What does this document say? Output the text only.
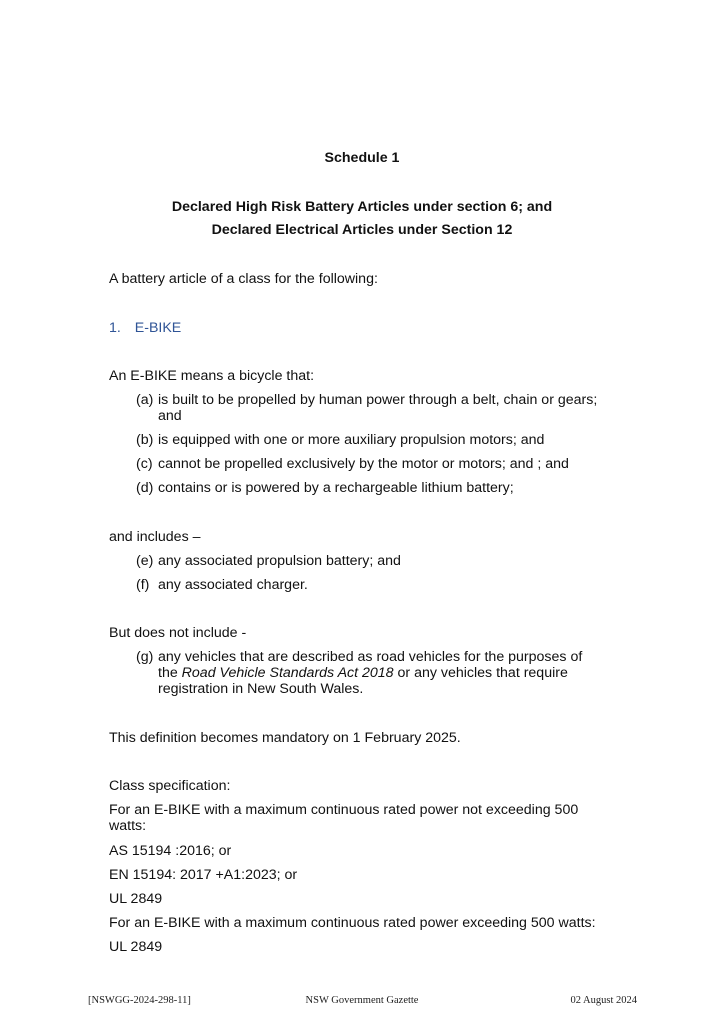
Schedule 1
Declared High Risk Battery Articles under section 6; and
Declared Electrical Articles under Section 12
A battery article of a class for the following:
1. E-BIKE
An E-BIKE means a bicycle that:
(a) is built to be propelled by human power through a belt, chain or gears;
and
(b) is equipped with one or more auxiliary propulsion motors; and
(c) cannot be propelled exclusively by the motor or motors; and ; and
(d) contains or is powered by a rechargeable lithium battery;
and includes –
(e) any associated propulsion battery; and
(f) any associated charger.
But does not include -
(g) any vehicles that are described as road vehicles for the purposes of
the Road Vehicle Standards Act 2018 or any vehicles that require
registration in New South Wales.
This definition becomes mandatory on 1 February 2025.
Class specification:
For an E-BIKE with a maximum continuous rated power not exceeding 500
watts:
AS 15194 :2016; or
EN 15194: 2017 +A1:2023; or
UL 2849
For an E-BIKE with a maximum continuous rated power exceeding 500 watts:
UL 2849
[NSWGG-2024-298-11]	NSW Government Gazette	02 August 2024
